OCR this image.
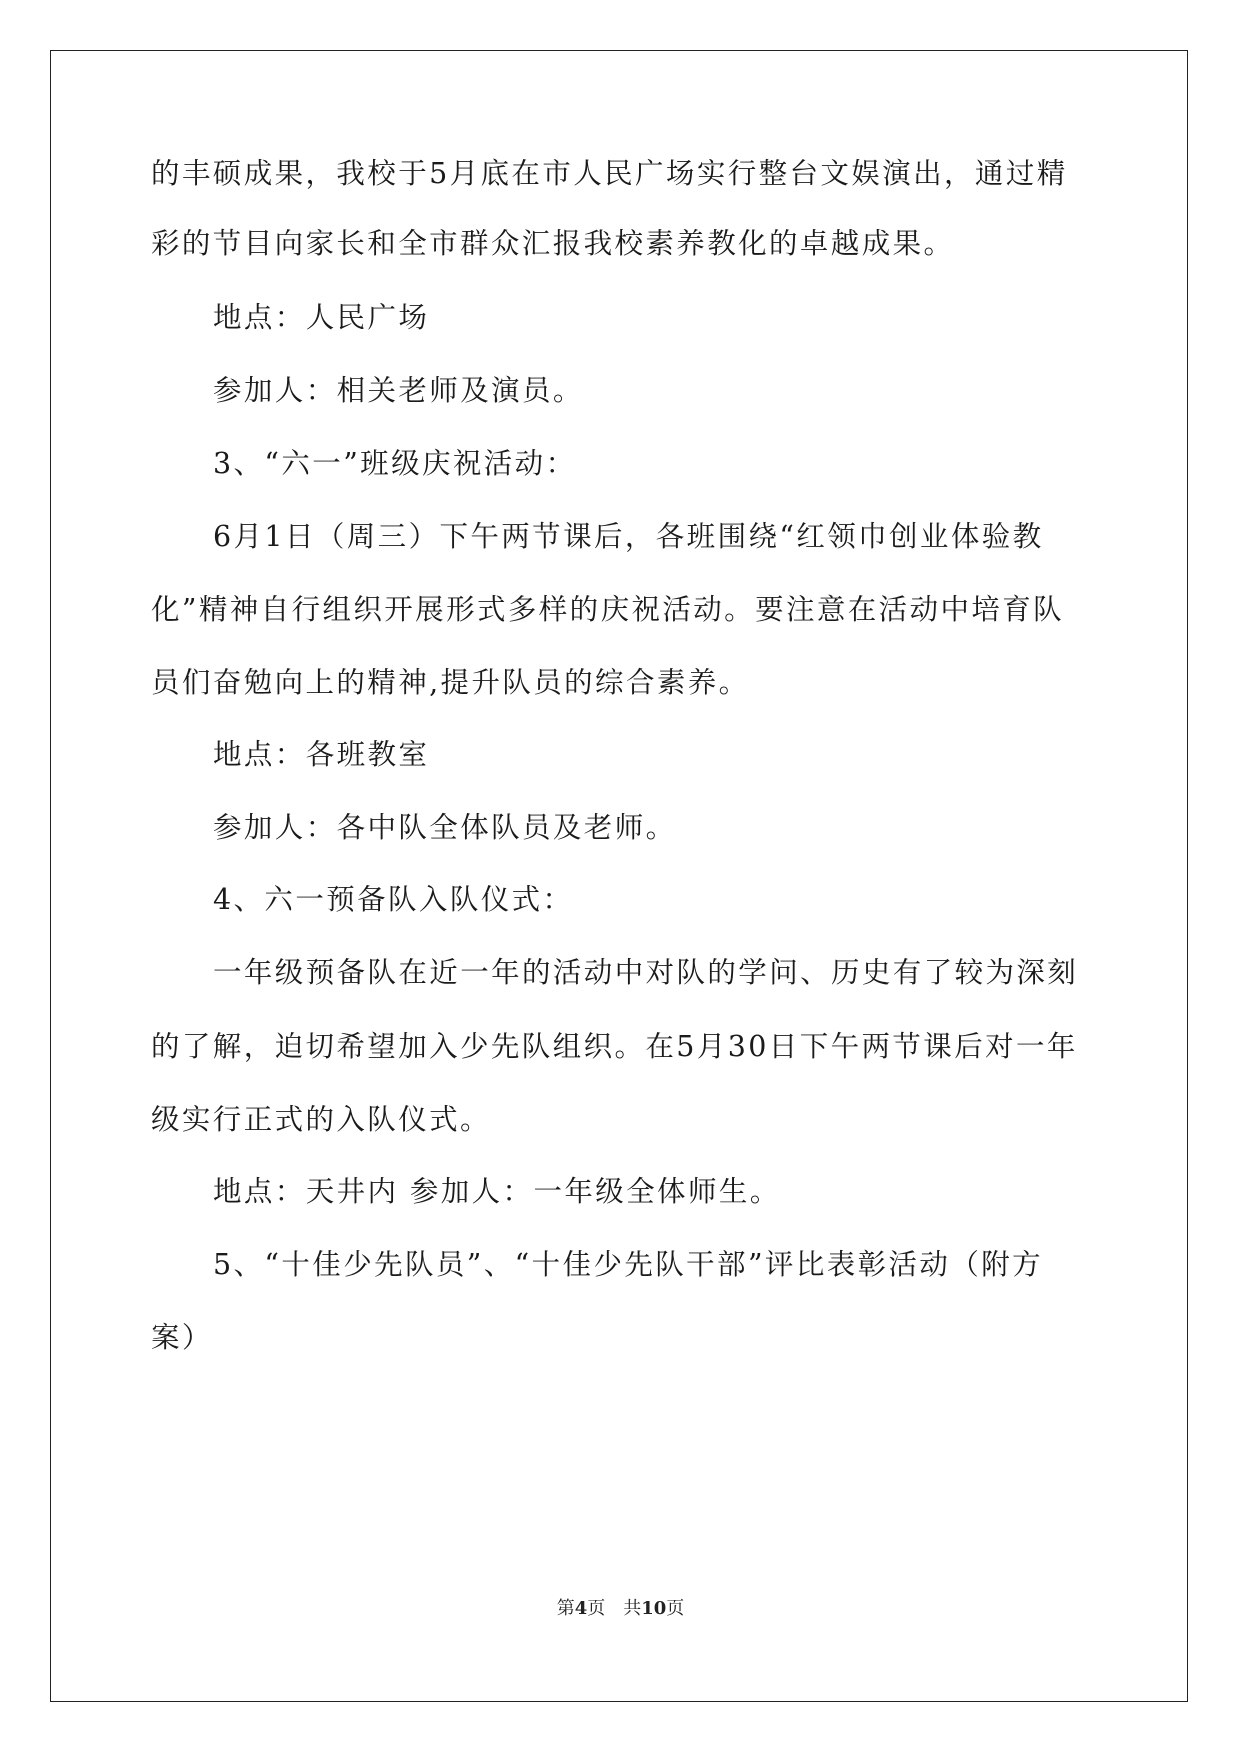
的丰硕成果，我校于5月底在市人民广场实行整台文娱演出，通过精
彩的节目向家长和全市群众汇报我校素养教化的卓越成果。
地点：人民广场
参加人：相关老师及演员。
3、“六一”班级庆祝活动：
6月1日（周三）下午两节课后，各班围绕“红领巾创业体验教
化”精神自行组织开展形式多样的庆祝活动。要注意在活动中培育队
员们奋勉向上的精神,提升队员的综合素养。
地点：各班教室
参加人：各中队全体队员及老师。
4、六一预备队入队仪式：
一年级预备队在近一年的活动中对队的学问、历史有了较为深刻
的了解，迫切希望加入少先队组织。在5月30日下午两节课后对一年
级实行正式的入队仪式。
地点：天井内 参加人：一年级全体师生。
5、“十佳少先队员”、“十佳少先队干部”评比表彰活动（附方
案）
第4页　共10页
